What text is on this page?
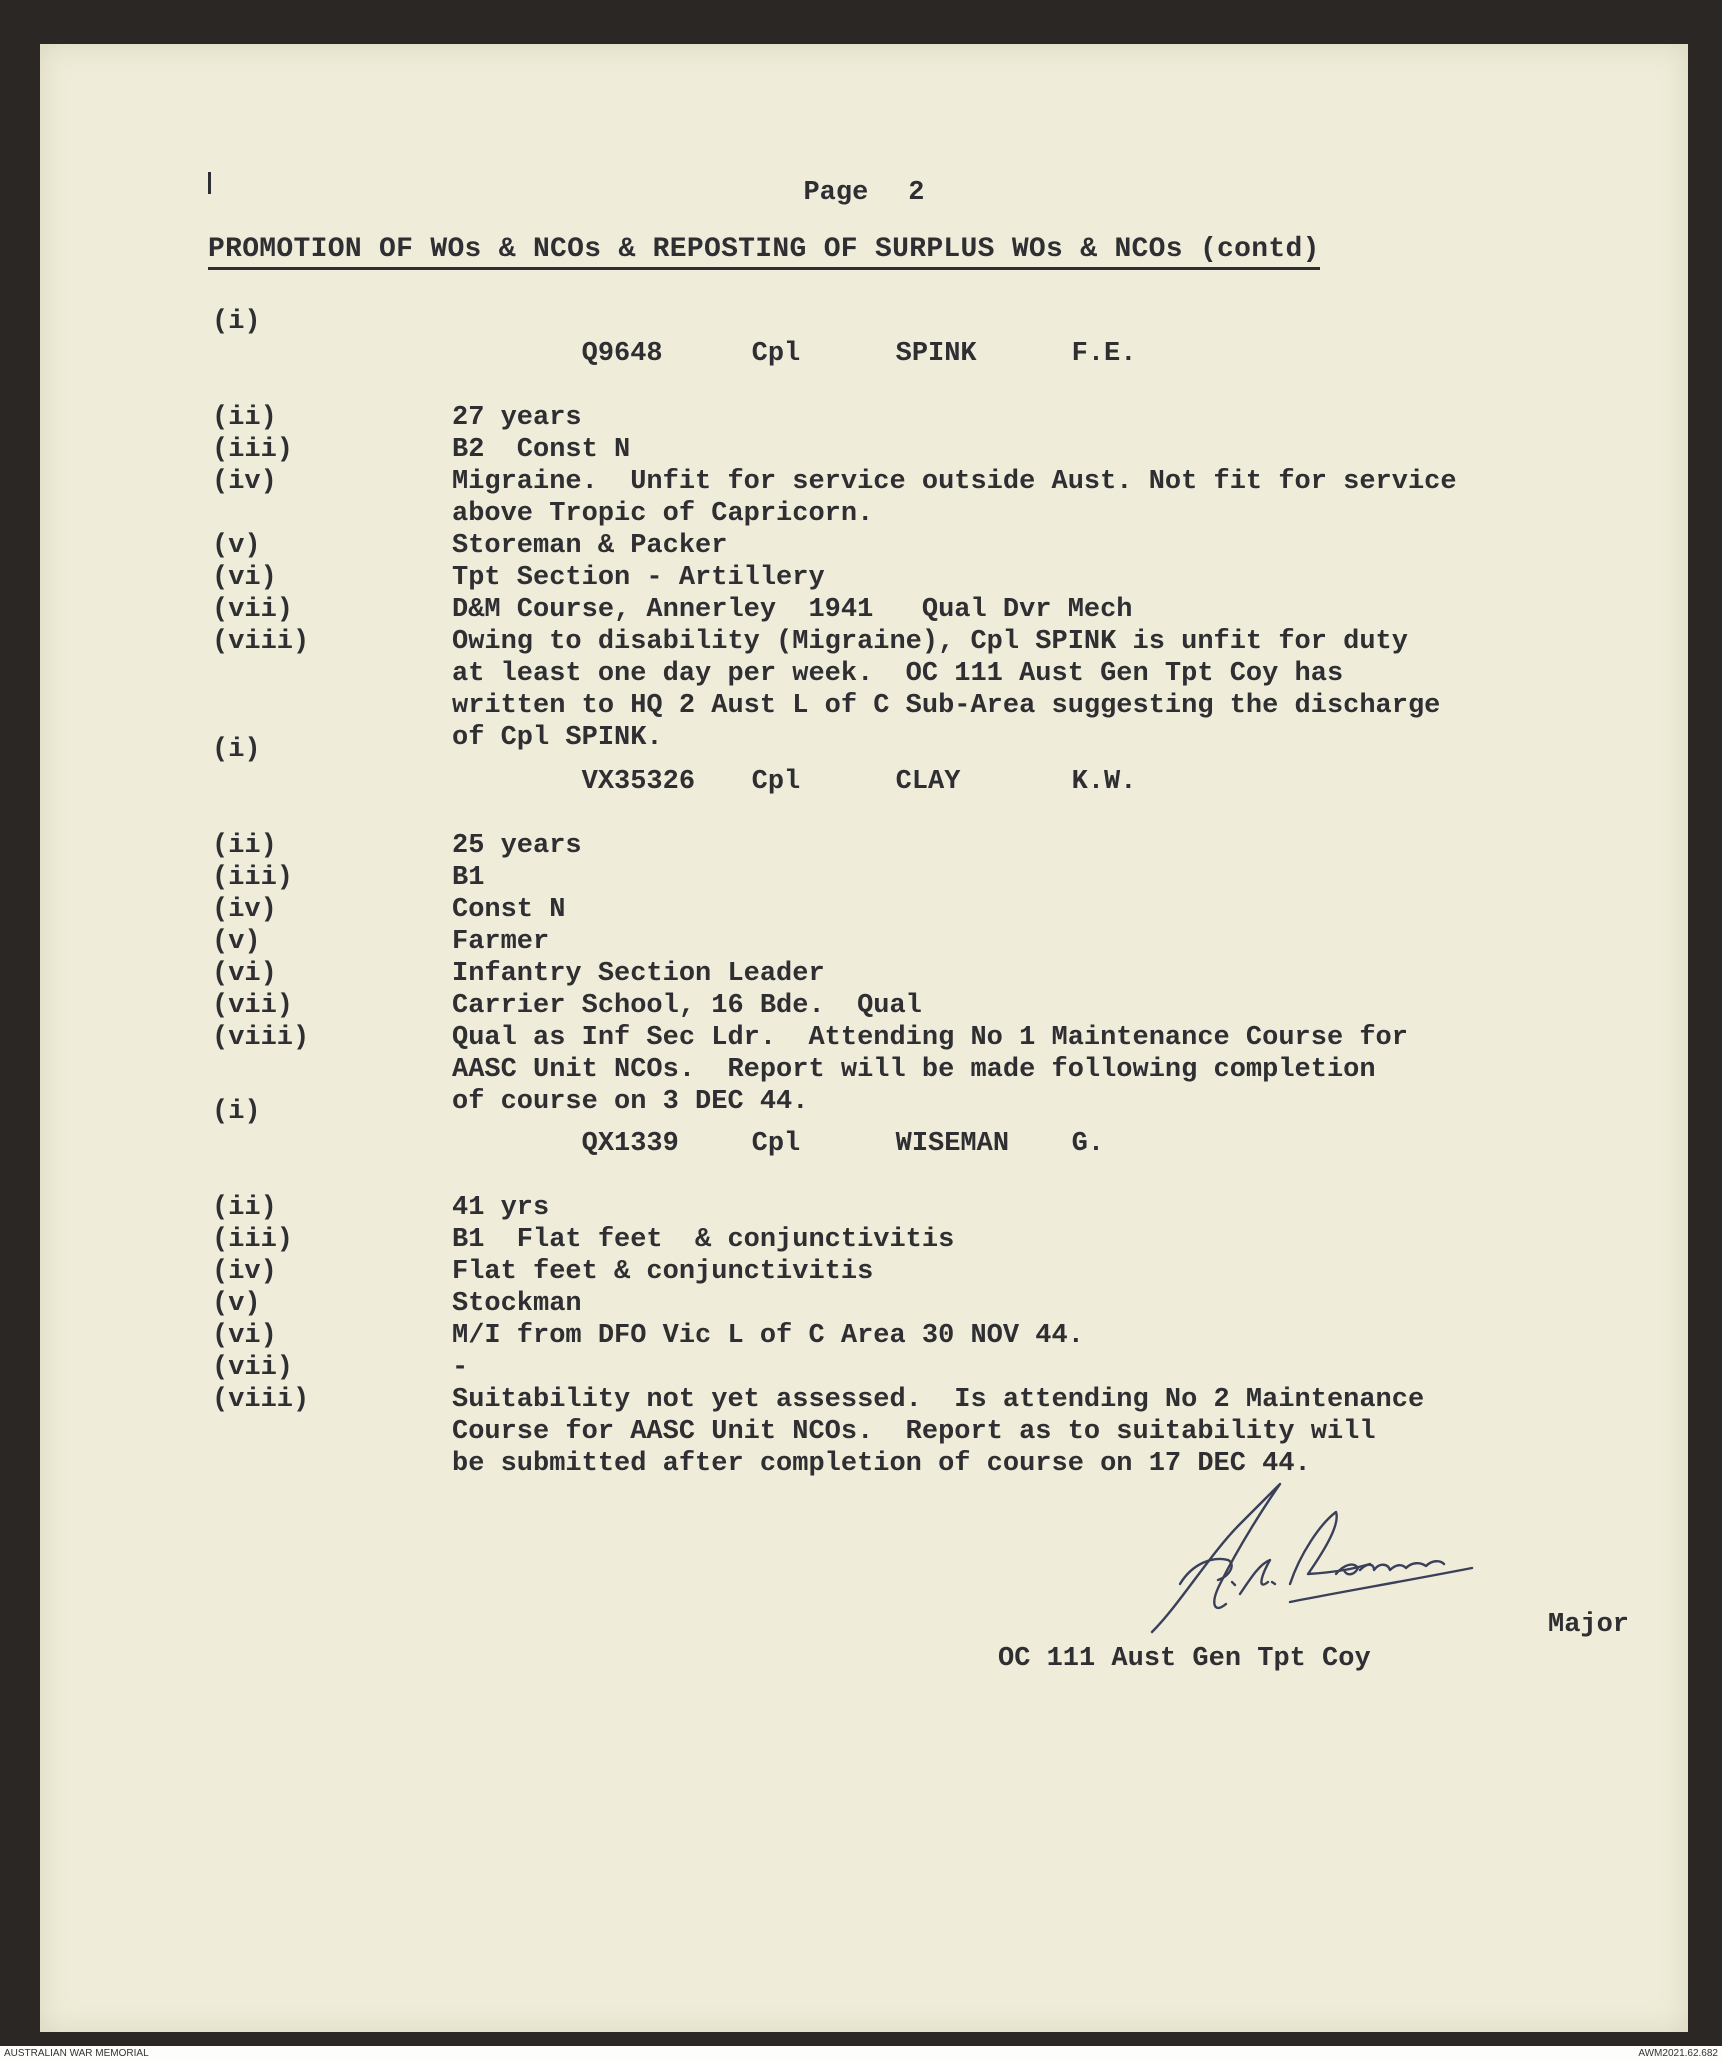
Page 2
PROMOTION OF WOs & NCOs & REPOSTING OF SURPLUS WOs & NCOs (contd)
(i)

Q9648	Cpl	SPINK	F.E.

(ii)	27 years
(iii)	B2  Const N
(iv)	Migraine.  Unfit for service outside Aust. Not fit for service
above Tropic of Capricorn.
(v)	Storeman & Packer
(vi)	Tpt Section - Artillery
(vii)	D&M Course, Annerley  1941   Qual Dvr Mech
(viii)	Owing to disability (Migraine), Cpl SPINK is unfit for duty
at least one day per week.  OC 111 Aust Gen Tpt Coy has
written to HQ 2 Aust L of C Sub-Area suggesting the discharge
of Cpl SPINK.
(i)

VX35326 Cpl	CLAY	K.W.

(ii)	25 years
(iii)	B1
(iv)	Const N
(v)	Farmer
(vi)	Infantry Section Leader
(vii)	Carrier School, 16 Bde.  Qual
(viii)	Qual as Inf Sec Ldr.  Attending No 1 Maintenance Course for
AASC Unit NCOs.  Report will be made following completion
of course on 3 DEC 44.
(i)

QX1339	Cpl	WISEMAN G.

(ii)	41 yrs
(iii)	B1  Flat feet  & conjunctivitis
(iv)	Flat feet & conjunctivitis
(v)	Stockman
(vi)	M/I from DFO Vic L of C Area 30 NOV 44.
(vii)	-
(viii)	Suitability not yet assessed.  Is attending No 2 Maintenance
Course for AASC Unit NCOs.  Report as to suitability will
be submitted after completion of course on 17 DEC 44.
Major
OC 111 Aust Gen Tpt Coy
AUSTRALIAN WAR MEMORIAL	AWM2021.62.682
